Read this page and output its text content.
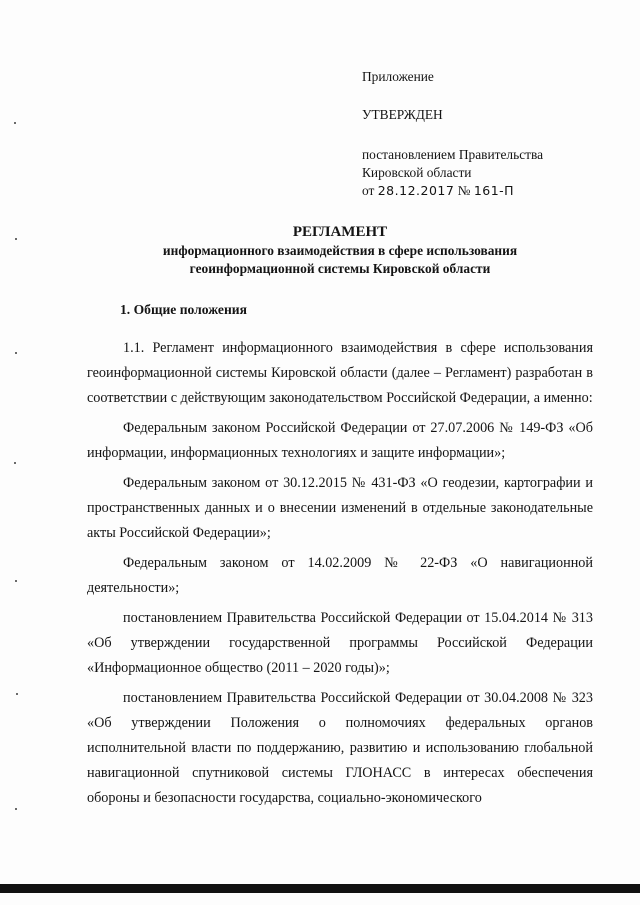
Приложение
УТВЕРЖДЕН
постановлением Правительства
Кировской области
от 28.12.2017 № 161-П
РЕГЛАМЕНТ
информационного взаимодействия в сфере использования
геоинформационной системы Кировской области
1. Общие положения

1.1. Регламент информационного взаимодействия в сфере использования геоинформационной системы Кировской области (далее – Регламент) разработан в соответствии с действующим законодательством Российской Федерации, а именно:

Федеральным законом Российской Федерации от 27.07.2006 № 149-ФЗ «Об информации, информационных технологиях и защите информации»;

Федеральным законом от 30.12.2015 № 431-ФЗ «О геодезии, картографии и пространственных данных и о внесении изменений в отдельные законодательные акты Российской Федерации»;

Федеральным законом от 14.02.2009 № 22-ФЗ «О навигационной деятельности»;

постановлением Правительства Российской Федерации от 15.04.2014 № 313 «Об утверждении государственной программы Российской Федерации «Информационное общество (2011 – 2020 годы)»;

постановлением Правительства Российской Федерации от 30.04.2008 № 323 «Об утверждении Положения о полномочиях федеральных органов исполнительной власти по поддержанию, развитию и использованию глобальной навигационной спутниковой системы ГЛОНАСС в интересах обеспечения обороны и безопасности государства, социально-экономического
